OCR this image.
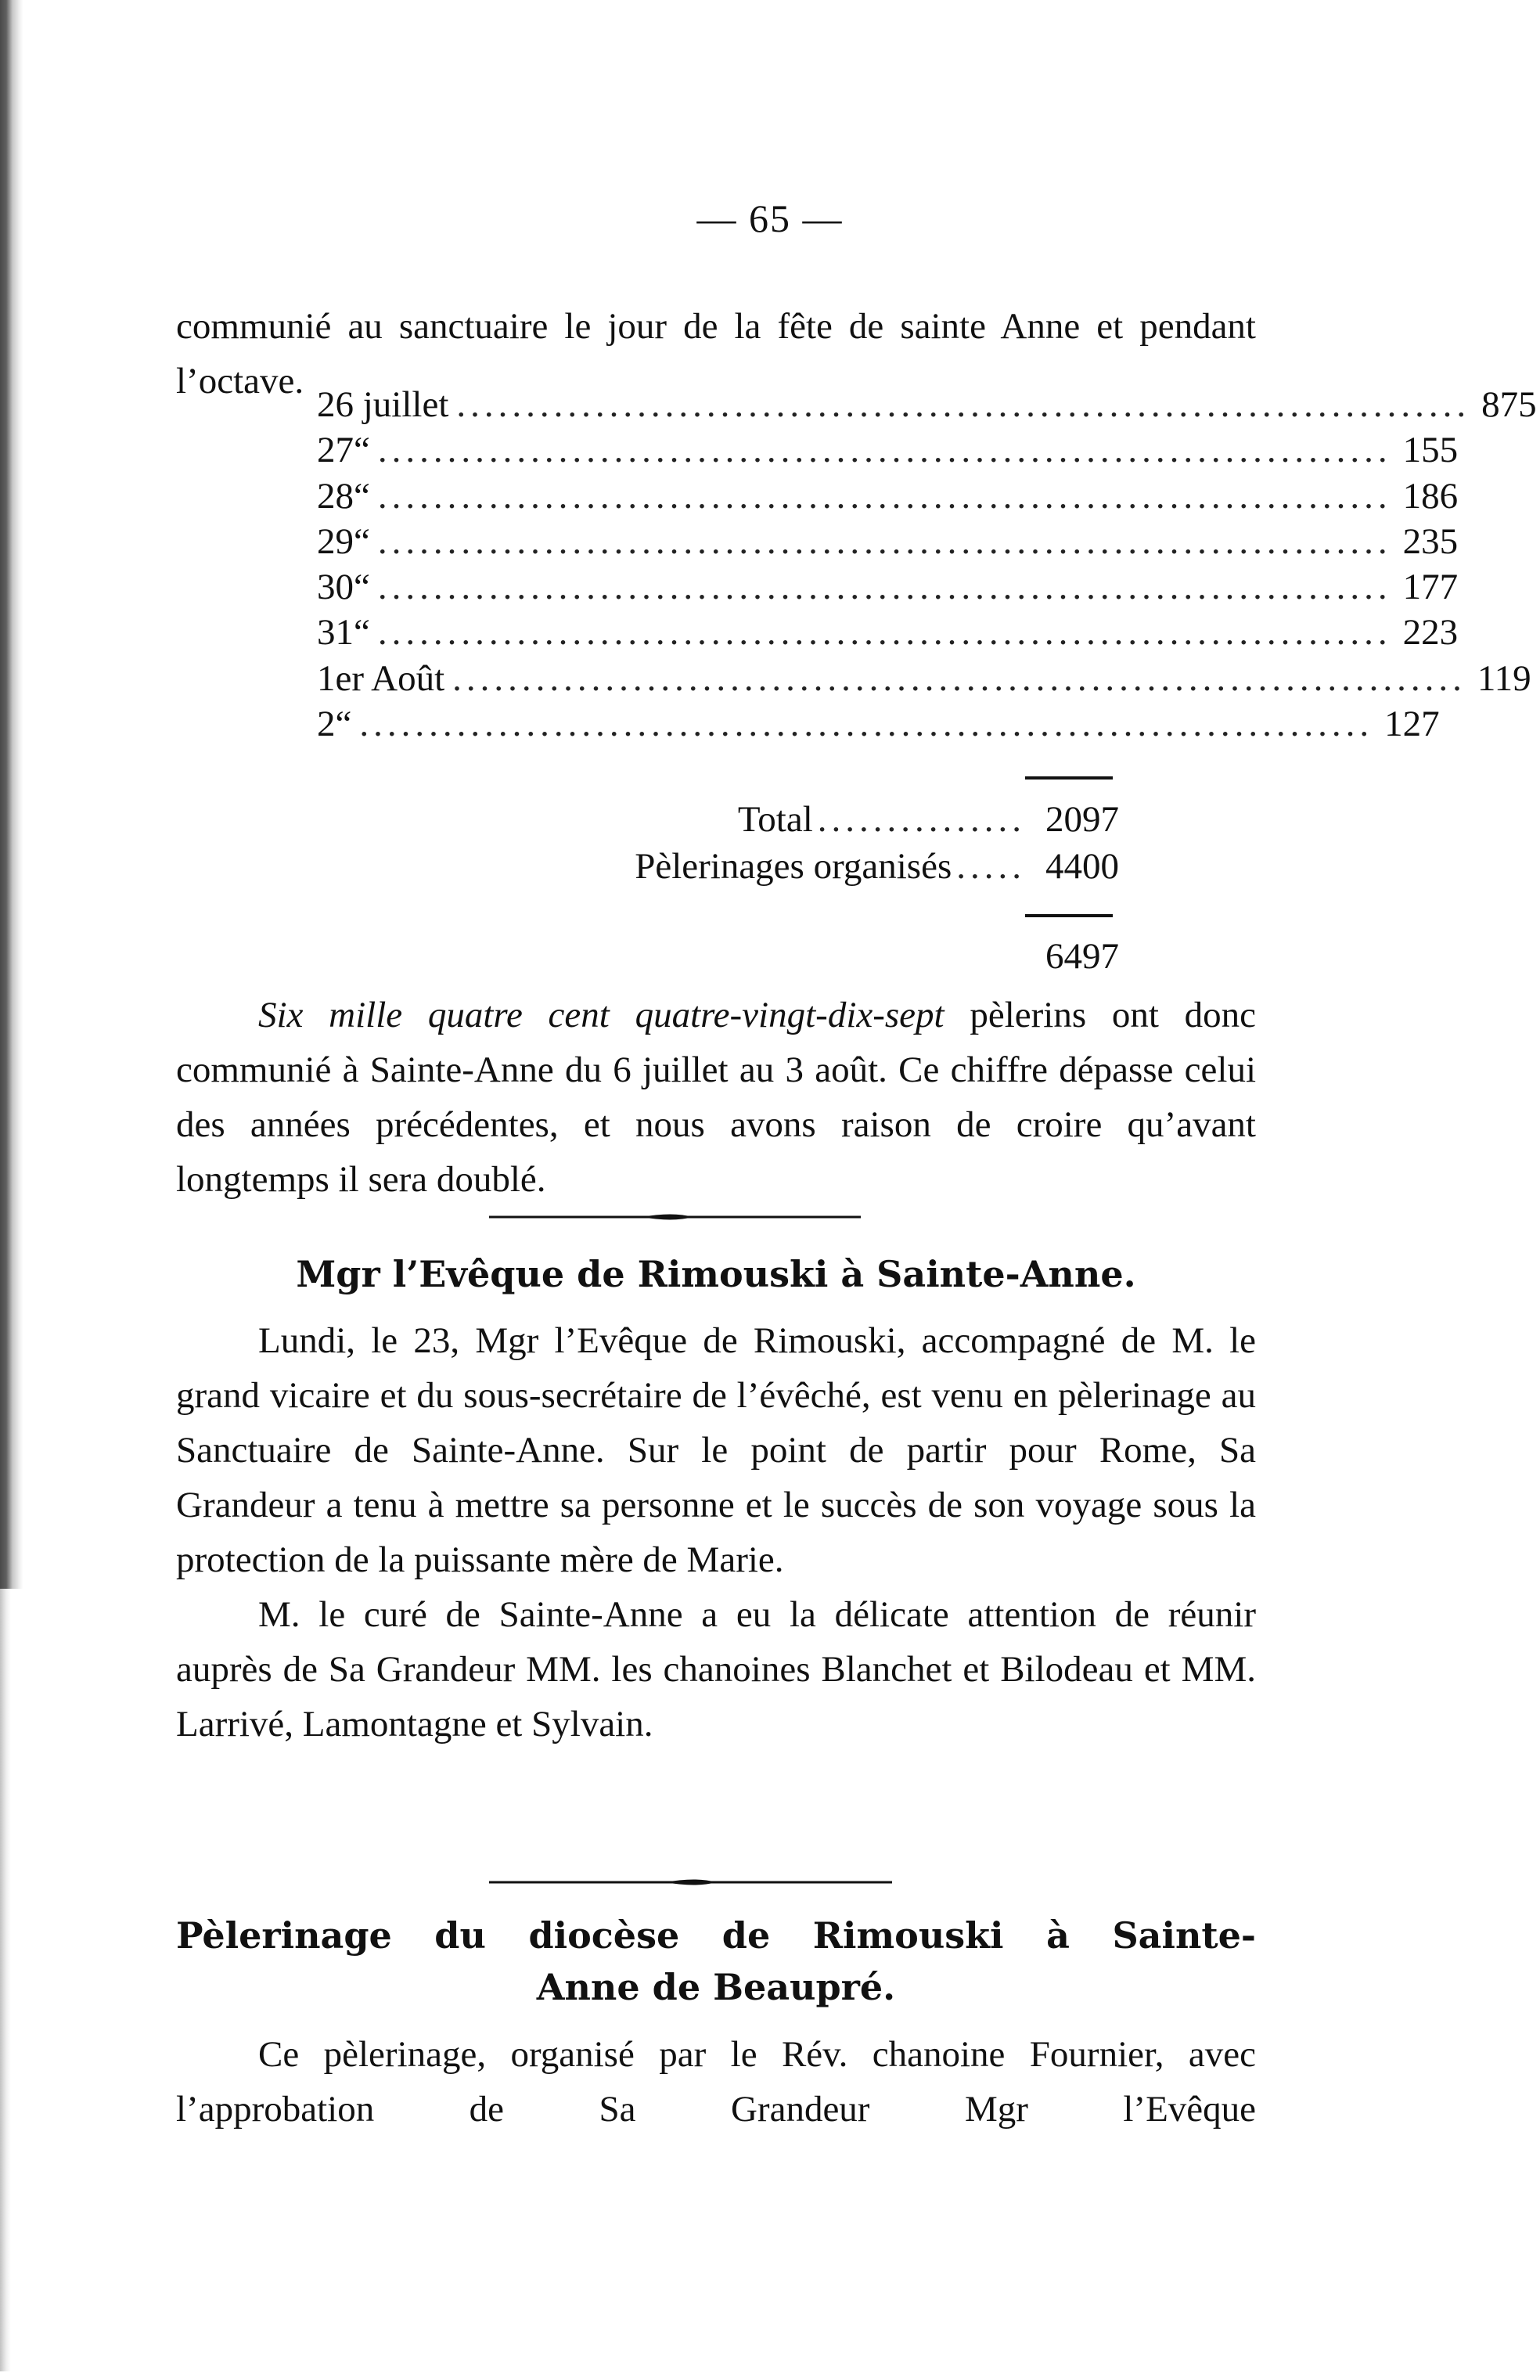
— 65 —

communié au sanctuaire le jour de la fête de sainte Anne et pendant l’octave.

26 juillet ......................................................................... 875
27 “ ......................................................................... 155
28 “ ......................................................................... 186
29 “ ......................................................................... 235
30 “ ......................................................................... 177
31 “ ......................................................................... 223
1er Août ......................................................................... 119
2 “ ......................................................................... 127
Total ............... 2097
Pèlerinages organisés ..... 4400
6497

Six mille quatre cent quatre-vingt-dix-sept pèlerins ont donc communié à Sainte-Anne du 6 juillet au 3 août. Ce chiffre dépasse celui des années précédentes, et nous avons raison de croire qu’avant longtemps il sera doublé.

Mgr l’Evêque de Rimouski à Sainte-Anne.

Lundi, le 23, Mgr l’Evêque de Rimouski, accompagné de M. le grand vicaire et du sous-secrétaire de l’évêché, est venu en pèlerinage au Sanctuaire de Sainte-Anne. Sur le point de partir pour Rome, Sa Grandeur a tenu à mettre sa personne et le succès de son voyage sous la protection de la puissante mère de Marie.

M. le curé de Sainte-Anne a eu la délicate attention de réunir auprès de Sa Grandeur MM. les chanoines Blanchet et Bilodeau et MM. Larrivé, Lamontagne et Sylvain.

Pèlerinage du diocèse de Rimouski à Sainte-
Anne de Beaupré.

Ce pèlerinage, organisé par le Rév. chanoine Fournier, avec l’approbation de Sa Grandeur Mgr l’Evêque
